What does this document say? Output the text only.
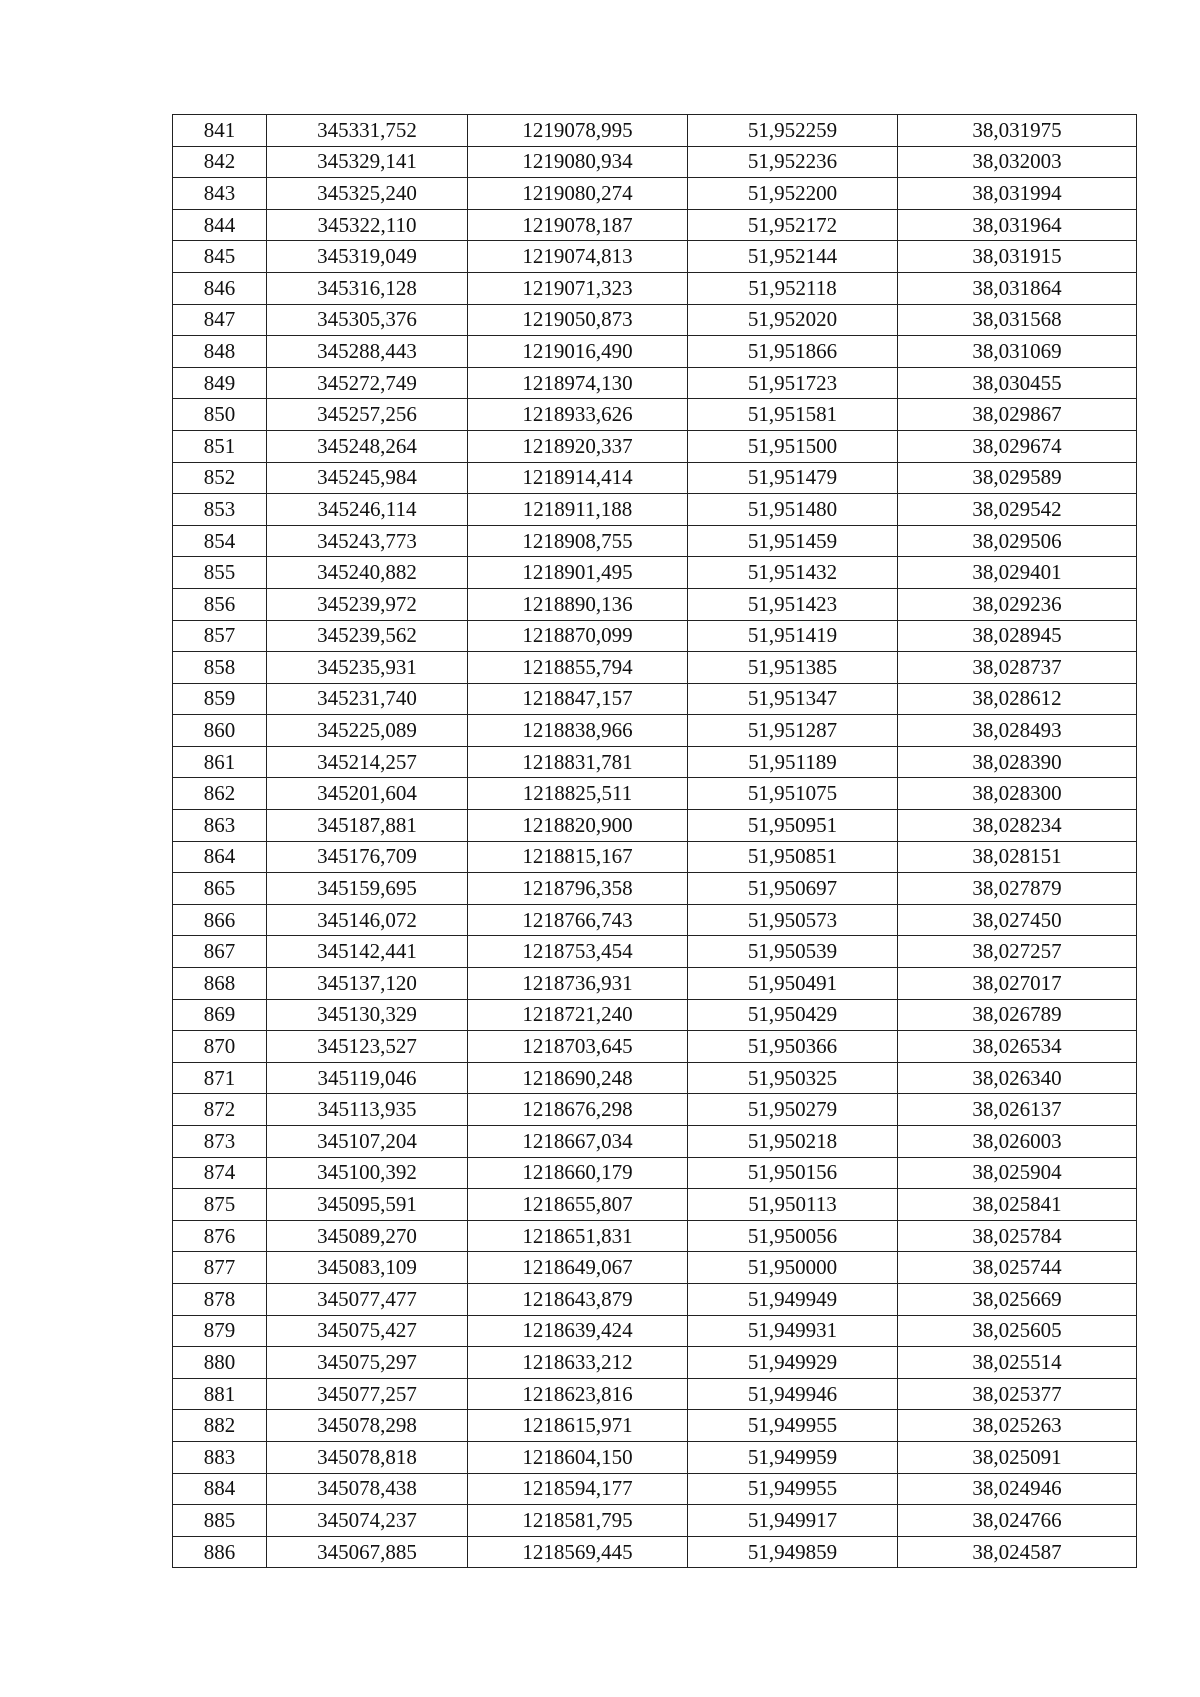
841	345331,752	1219078,995	51,952259	38,031975
842	345329,141	1219080,934	51,952236	38,032003
843	345325,240	1219080,274	51,952200	38,031994
844	345322,110	1219078,187	51,952172	38,031964
845	345319,049	1219074,813	51,952144	38,031915
846	345316,128	1219071,323	51,952118	38,031864
847	345305,376	1219050,873	51,952020	38,031568
848	345288,443	1219016,490	51,951866	38,031069
849	345272,749	1218974,130	51,951723	38,030455
850	345257,256	1218933,626	51,951581	38,029867
851	345248,264	1218920,337	51,951500	38,029674
852	345245,984	1218914,414	51,951479	38,029589
853	345246,114	1218911,188	51,951480	38,029542
854	345243,773	1218908,755	51,951459	38,029506
855	345240,882	1218901,495	51,951432	38,029401
856	345239,972	1218890,136	51,951423	38,029236
857	345239,562	1218870,099	51,951419	38,028945
858	345235,931	1218855,794	51,951385	38,028737
859	345231,740	1218847,157	51,951347	38,028612
860	345225,089	1218838,966	51,951287	38,028493
861	345214,257	1218831,781	51,951189	38,028390
862	345201,604	1218825,511	51,951075	38,028300
863	345187,881	1218820,900	51,950951	38,028234
864	345176,709	1218815,167	51,950851	38,028151
865	345159,695	1218796,358	51,950697	38,027879
866	345146,072	1218766,743	51,950573	38,027450
867	345142,441	1218753,454	51,950539	38,027257
868	345137,120	1218736,931	51,950491	38,027017
869	345130,329	1218721,240	51,950429	38,026789
870	345123,527	1218703,645	51,950366	38,026534
871	345119,046	1218690,248	51,950325	38,026340
872	345113,935	1218676,298	51,950279	38,026137
873	345107,204	1218667,034	51,950218	38,026003
874	345100,392	1218660,179	51,950156	38,025904
875	345095,591	1218655,807	51,950113	38,025841
876	345089,270	1218651,831	51,950056	38,025784
877	345083,109	1218649,067	51,950000	38,025744
878	345077,477	1218643,879	51,949949	38,025669
879	345075,427	1218639,424	51,949931	38,025605
880	345075,297	1218633,212	51,949929	38,025514
881	345077,257	1218623,816	51,949946	38,025377
882	345078,298	1218615,971	51,949955	38,025263
883	345078,818	1218604,150	51,949959	38,025091
884	345078,438	1218594,177	51,949955	38,024946
885	345074,237	1218581,795	51,949917	38,024766
886	345067,885	1218569,445	51,949859	38,024587
